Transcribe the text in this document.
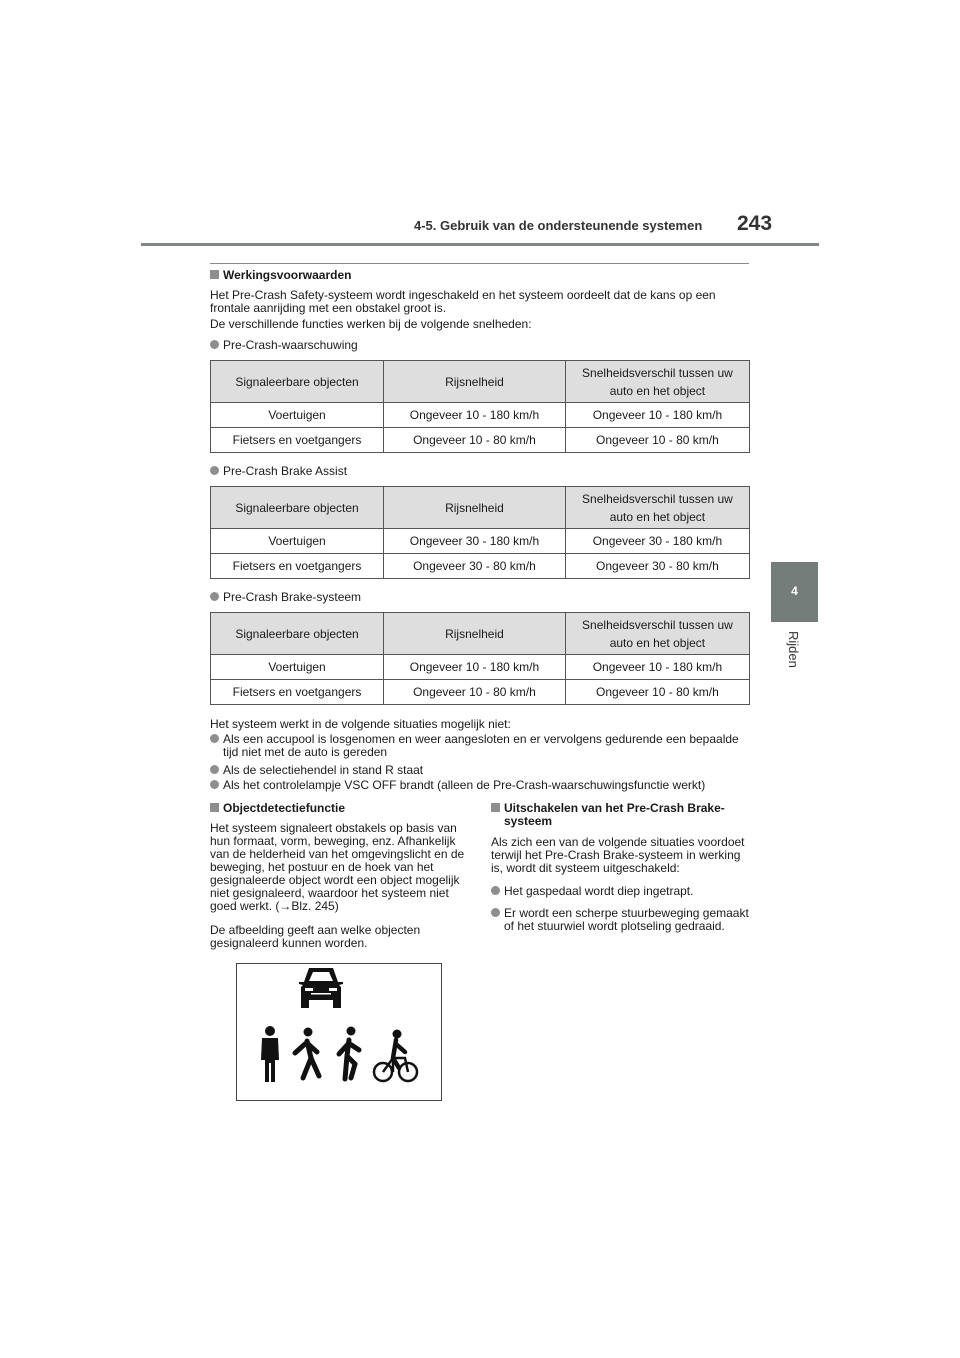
4-5. Gebruik van de ondersteunende systemen 243
4
Rijden
Werkingsvoorwaarden
Het Pre-Crash Safety-systeem wordt ingeschakeld en het systeem oordeelt dat de kans op een frontale aanrijding met een obstakel groot is.
De verschillende functies werken bij de volgende snelheden:
Pre-Crash-waarschuwing
Signaleerbare objecten	Rijsnelheid	Snelheidsverschil tussen uw auto en het object
Voertuigen	Ongeveer 10 - 180 km/h	Ongeveer 10 - 180 km/h
Fietsers en voetgangers	Ongeveer 10 - 80 km/h	Ongeveer 10 - 80 km/h
Pre-Crash Brake Assist
Signaleerbare objecten	Rijsnelheid	Snelheidsverschil tussen uw auto en het object
Voertuigen	Ongeveer 30 - 180 km/h	Ongeveer 30 - 180 km/h
Fietsers en voetgangers	Ongeveer 30 - 80 km/h	Ongeveer 30 - 80 km/h
Pre-Crash Brake-systeem
Signaleerbare objecten	Rijsnelheid	Snelheidsverschil tussen uw auto en het object
Voertuigen	Ongeveer 10 - 180 km/h	Ongeveer 10 - 180 km/h
Fietsers en voetgangers	Ongeveer 10 - 80 km/h	Ongeveer 10 - 80 km/h
Het systeem werkt in de volgende situaties mogelijk niet:
Als een accupool is losgenomen en weer aangesloten en er vervolgens gedurende een bepaalde tijd niet met de auto is gereden
Als de selectiehendel in stand R staat
Als het controlelampje VSC OFF brandt (alleen de Pre-Crash-waarschuwingsfunctie werkt)
Objectdetectiefunctie
Het systeem signaleert obstakels op basis van hun formaat, vorm, beweging, enz. Afhankelijk van de helderheid van het omgevingslicht en de beweging, het postuur en de hoek van het gesignaleerde object wordt een object mogelijk niet gesignaleerd, waardoor het systeem niet goed werkt. (→Blz. 245)
De afbeelding geeft aan welke objecten gesignaleerd kunnen worden.
Uitschakelen van het Pre-Crash Brake-systeem
Als zich een van de volgende situaties voordoet terwijl het Pre-Crash Brake-systeem in werking is, wordt dit systeem uitgeschakeld:
Het gaspedaal wordt diep ingetrapt.
Er wordt een scherpe stuurbeweging gemaakt of het stuurwiel wordt plotseling gedraaid.
